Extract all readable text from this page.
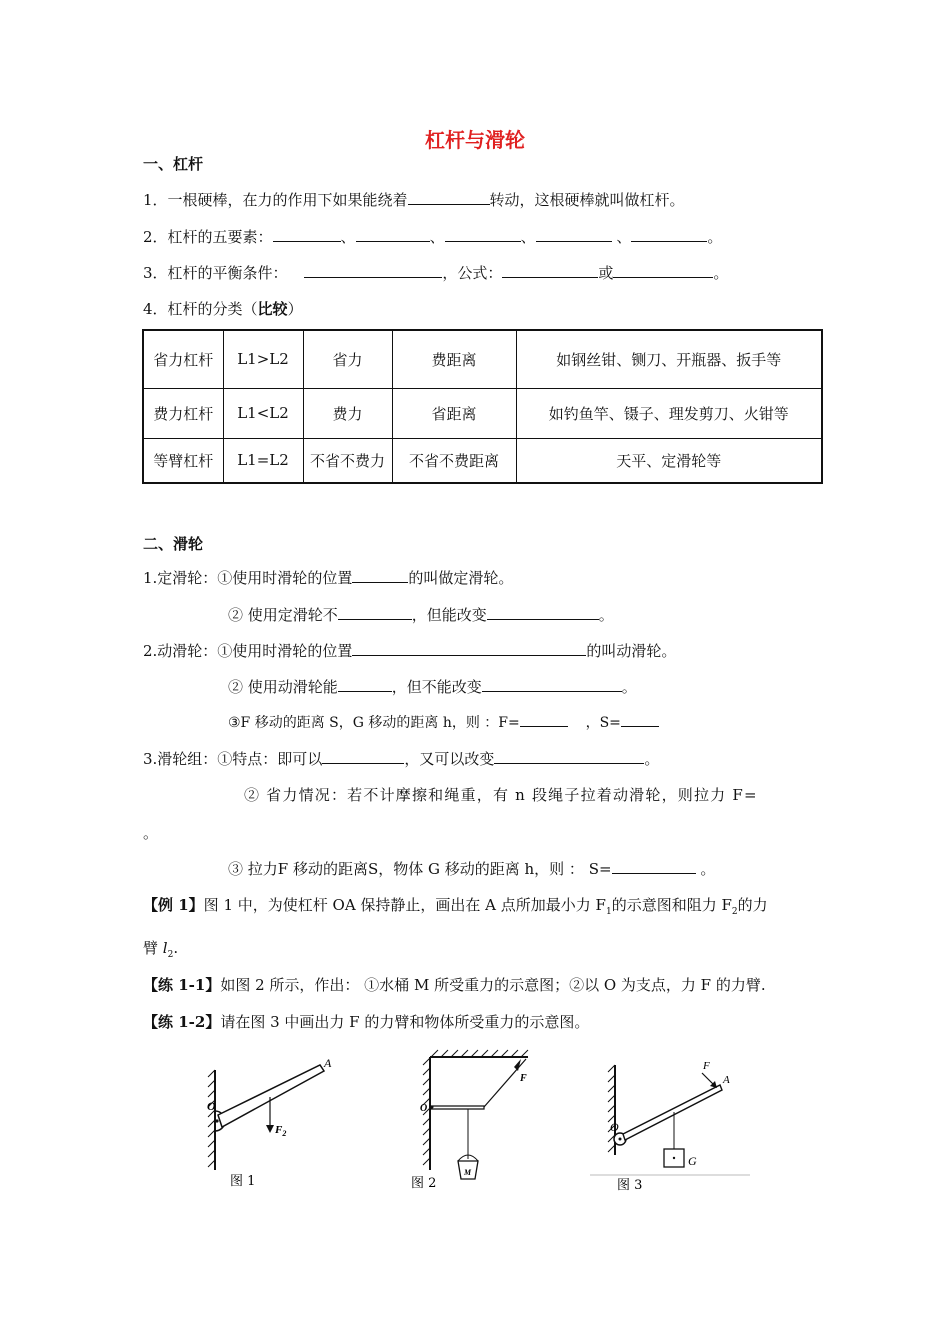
杠杆与滑轮
一、杠杆
1．一根硬棒，在力的作用下如果能绕着	转动，这根硬棒就叫做杠杆。
2．杠杆的五要素：	、	、	、	、	。
3．杠杆的平衡条件：	，公式：	或	。
4．杠杆的分类（比较）
省力杠杆	L1>L2	省力	费距离	如钢丝钳、铡刀、开瓶器、扳手等
费力杠杆	L1<L2	费力	省距离	如钓鱼竿、镊子、理发剪刀、火钳等
等臂杠杆	L1=L2	不省不费力	不省不费距离	天平、定滑轮等
二、滑轮
1.定滑轮：①使用时滑轮的位置	的叫做定滑轮。
② 使用定滑轮不	，但能改变	。
2.动滑轮：①使用时滑轮的位置	的叫动滑轮。
② 使用动滑轮能	，但不能改变	。
③F 移动的距离 S，G 移动的距离 h，则 ：F=	，S=
3.滑轮组：①特点：即可以	，又可以改变	。
② 省力情况：若不计摩擦和绳重，有 n 段绳子拉着动滑轮，则拉力 F=
。
③ 拉力F 移动的距离S，物体 G 移动的距离 h，则 ： S=	。
【例 1】图 1 中，为使杠杆 OA 保持静止，画出在 A 点所加最小力 $F_1$的示意图和阻力 $F_2$的力
臂 $l_2$.
【练 1-1】如图 2 所示，作出： ①水桶 M 所受重力的示意图；②以 O 为支点，力 F 的力臂.
【练 1-2】请在图 3 中画出力 F 的力臂和物体所受重力的示意图。
O
A
$F_2$
图 1
O
F
M
图 2
O
F
A
G
图 3
